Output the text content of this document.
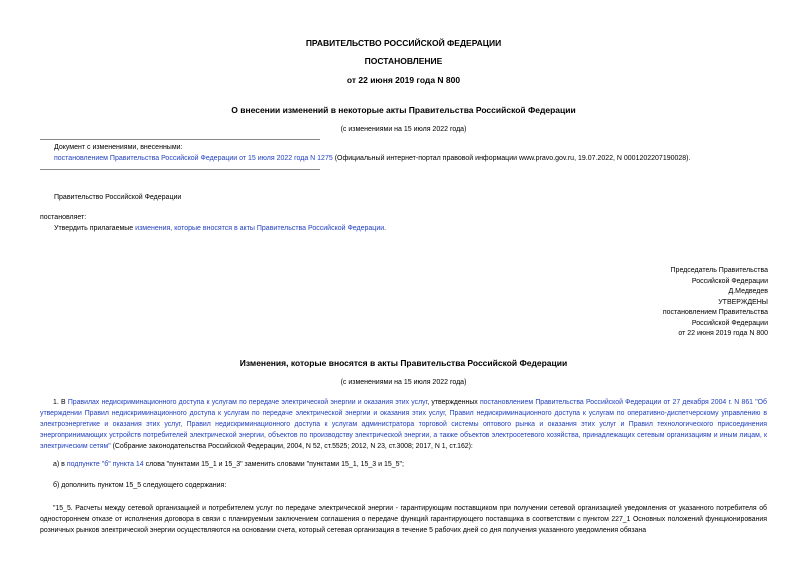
ПРАВИТЕЛЬСТВО РОССИЙСКОЙ ФЕДЕРАЦИИ
ПОСТАНОВЛЕНИЕ
от 22 июня 2019 года N 800
О внесении изменений в некоторые акты Правительства Российской Федерации
(с изменениями на 15 июля 2022 года)
Документ с изменениями, внесенными:
постановлением Правительства Российской Федерации от 15 июля 2022 года N 1275 (Официальный интернет-портал правовой информации www.pravo.gov.ru, 19.07.2022, N 0001202207190028).
Правительство Российской Федерации
постановляет:
Утвердить прилагаемые изменения, которые вносятся в акты Правительства Российской Федерации.
Председатель Правительства
Российской Федерации
Д.Медведев
УТВЕРЖДЕНЫ
постановлением Правительства
Российской Федерации
от 22 июня 2019 года N 800
Изменения, которые вносятся в акты Правительства Российской Федерации
(с изменениями на 15 июля 2022 года)

1. В Правилах недискриминационного доступа к услугам по передаче электрической энергии и оказания этих услуг, утвержденных постановлением Правительства Российской Федерации от 27 декабря 2004 г. N 861 "Об утверждении Правил недискриминационного доступа к услугам по передаче электрической энергии и оказания этих услуг, Правил недискриминационного доступа к услугам по оперативно-диспетчерскому управлению в электроэнергетике и оказания этих услуг, Правил недискриминационного доступа к услугам администратора торговой системы оптового рынка и оказания этих услуг и Правил технологического присоединения энергопринимающих устройств потребителей электрической энергии, объектов по производству электрической энергии, а также объектов электросетевого хозяйства, принадлежащих сетевым организациям и иным лицам, к электрическим сетям" (Собрание законодательства Российской Федерации, 2004, N 52, ст.5525; 2012, N 23, ст.3008; 2017, N 1, ст.162):

а) в подпункте "б" пункта 14 слова "пунктами 15_1 и 15_3" заменить словами "пунктами 15_1, 15_3 и 15_5";
б) дополнить пунктом 15_5 следующего содержания:

"15_5. Расчеты между сетевой организацией и потребителем услуг по передаче электрической энергии - гарантирующим поставщиком при получении сетевой организацией уведомления от указанного потребителя об одностороннем отказе от исполнения договора в связи с планируемым заключением соглашения о передаче функций гарантирующего поставщика в соответствии с пунктом 227_1 Основных положений функционирования розничных рынков электрической энергии осуществляются на основании счета, который сетевая организация в течение 5 рабочих дней со дня получения указанного уведомления обязана
